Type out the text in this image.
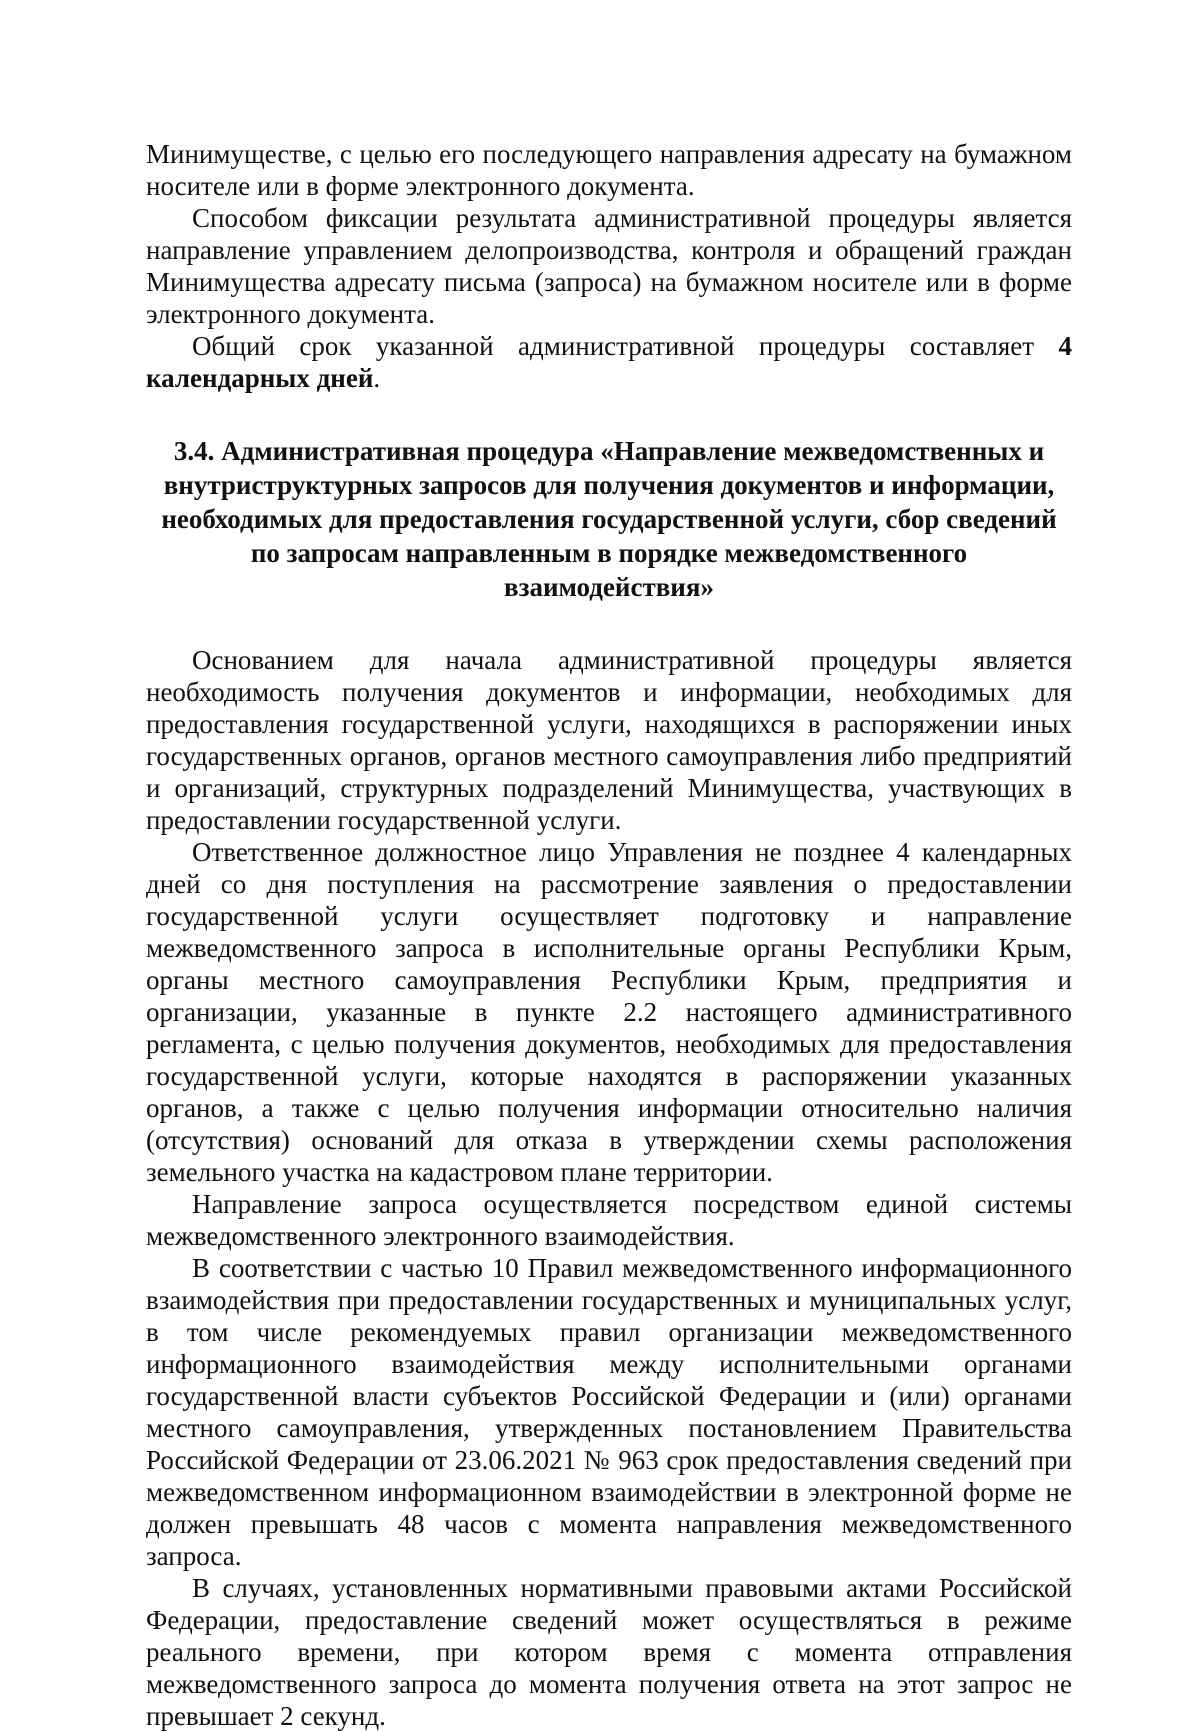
Минимуществе, с целью его последующего направления адресату на бумажном носителе или в форме электронного документа.

Способом фиксации результата административной процедуры является направление управлением делопроизводства, контроля и обращений граждан Минимущества адресату письма (запроса) на бумажном носителе или в форме электронного документа.

Общий срок указанной административной процедуры составляет 4 календарных дней.

3.4. Административная процедура «Направление межведомственных и внутриструктурных запросов для получения документов и информации, необходимых для предоставления государственной услуги, сбор сведений по запросам направленным в порядке межведомственного взаимодействия»

Основанием для начала административной процедуры является необходимость получения документов и информации, необходимых для предоставления государственной услуги, находящихся в распоряжении иных государственных органов, органов местного самоуправления либо предприятий и организаций, структурных подразделений Минимущества, участвующих в предоставлении государственной услуги.

Ответственное должностное лицо Управления не позднее 4 календарных дней со дня поступления на рассмотрение заявления о предоставлении государственной услуги осуществляет подготовку и направление межведомственного запроса в исполнительные органы Республики Крым, органы местного самоуправления Республики Крым, предприятия и организации, указанные в пункте 2.2 настоящего административного регламента, с целью получения документов, необходимых для предоставления государственной услуги, которые находятся в распоряжении указанных органов, а также с целью получения информации относительно наличия (отсутствия) оснований для отказа в утверждении схемы расположения земельного участка на кадастровом плане территории.

Направление запроса осуществляется посредством единой системы межведомственного электронного взаимодействия.

В соответствии с частью 10 Правил межведомственного информационного взаимодействия при предоставлении государственных и муниципальных услуг, в том числе рекомендуемых правил организации межведомственного информационного взаимодействия между исполнительными органами государственной власти субъектов Российской Федерации и (или) органами местного самоуправления, утвержденных постановлением Правительства Российской Федерации от 23.06.2021 № 963 срок предоставления сведений при межведомственном информационном взаимодействии в электронной форме не должен превышать 48 часов с момента направления межведомственного запроса.

В случаях, установленных нормативными правовыми актами Российской Федерации, предоставление сведений может осуществляться в режиме реального времени, при котором время с момента отправления межведомственного запроса до момента получения ответа на этот запрос не превышает 2 секунд.
